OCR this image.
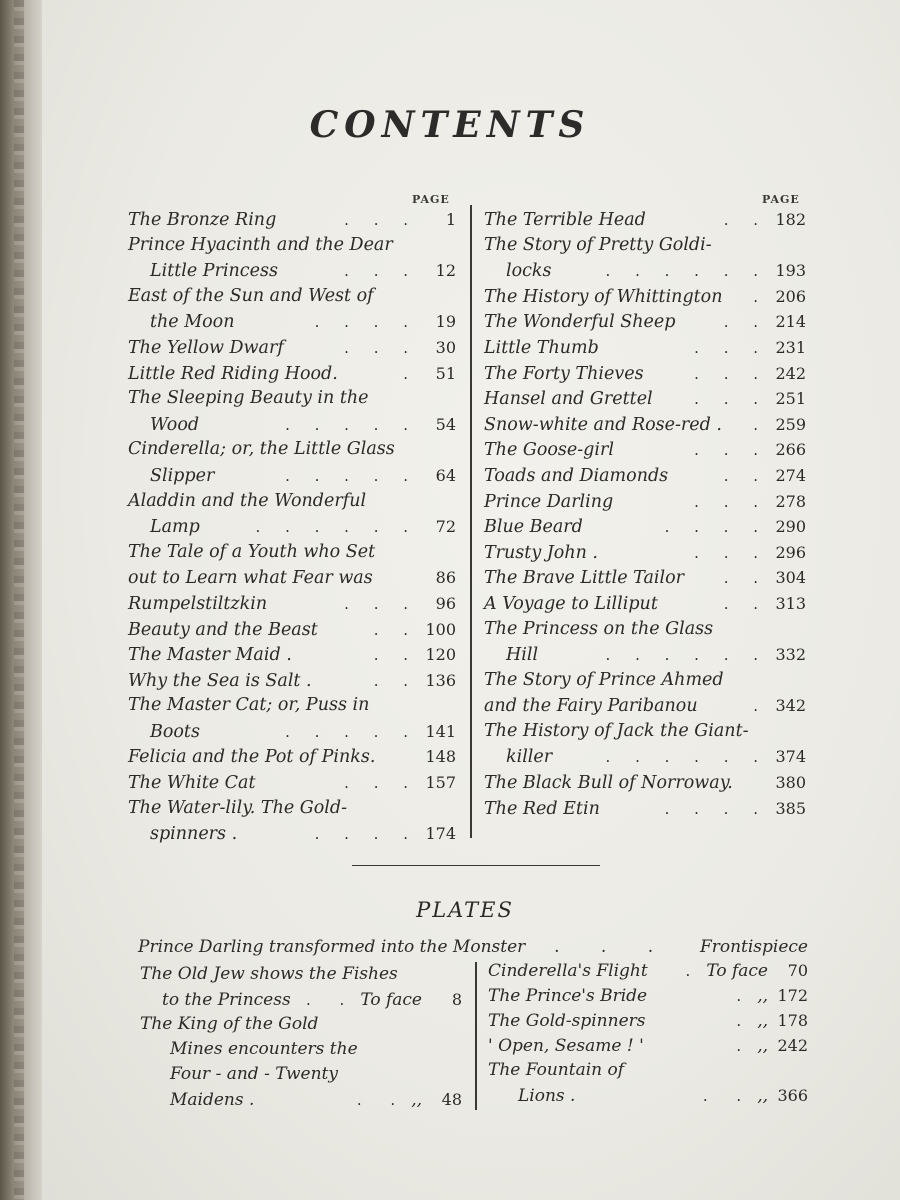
CONTENTS
PAGE	PAGE
The Bronze Ring	. . .	1
Prince Hyacinth and the Dear
Little Princess	. . .	12
East of the Sun and West of
the Moon	. . . .	19
The Yellow Dwarf	. . .	30
Little Red Riding Hood.	.	51
The Sleeping Beauty in the
Wood	. . . . .	54
Cinderella; or, the Little Glass
Slipper	. . . . .	64
Aladdin and the Wonderful
Lamp	. . . . . .	72
The Tale of a Youth who Set
out to Learn what Fear was	86
Rumpelstiltzkin	. . .	96
Beauty and the Beast	. . 100
The Master Maid .	. . 120
Why the Sea is Salt .	. . 136
The Master Cat; or, Puss in
Boots	. . . . . 141
Felicia and the Pot of Pinks.	148
The White Cat	. . . 157
The Water-lily. The Gold-
spinners .	. . . . 174
The Terrible Head	. . 182
The Story of Pretty Goldi-
locks	. . . . . . 193
The History of Whittington	. 206
The Wonderful Sheep	. . 214
Little Thumb	. . . 231
The Forty Thieves	. . . 242
Hansel and Grettel	. . . 251
Snow-white and Rose-red .	. 259
The Goose-girl	. . . 266
Toads and Diamonds	. . 274
Prince Darling	. . . 278
Blue Beard	. . . . 290
Trusty John .	. . . 296
The Brave Little Tailor	. . 304
A Voyage to Lilliput	. . 313
The Princess on the Glass
Hill	. . . . . . 332
The Story of Prince Ahmed
and the Fairy Paribanou	. 342
The History of Jack the Giant-
killer	. . . . . . 374
The Black Bull of Norroway.	380
The Red Etin	. . . . 385
PLATES
Prince Darling transformed into the Monster	. . .	Frontispiece
The Old Jew shows the Fishes
to the Princess	. . To face	8
The King of the Gold
Mines encounters the
Four - and - Twenty
Maidens .	. . ,,	48
Cinderella's Flight	. To face	70
The Prince's Bride	. ,, 172
The Gold-spinners	. ,, 178
' Open, Sesame ! '	. ,, 242
The Fountain of
Lions .	. . ,, 366
